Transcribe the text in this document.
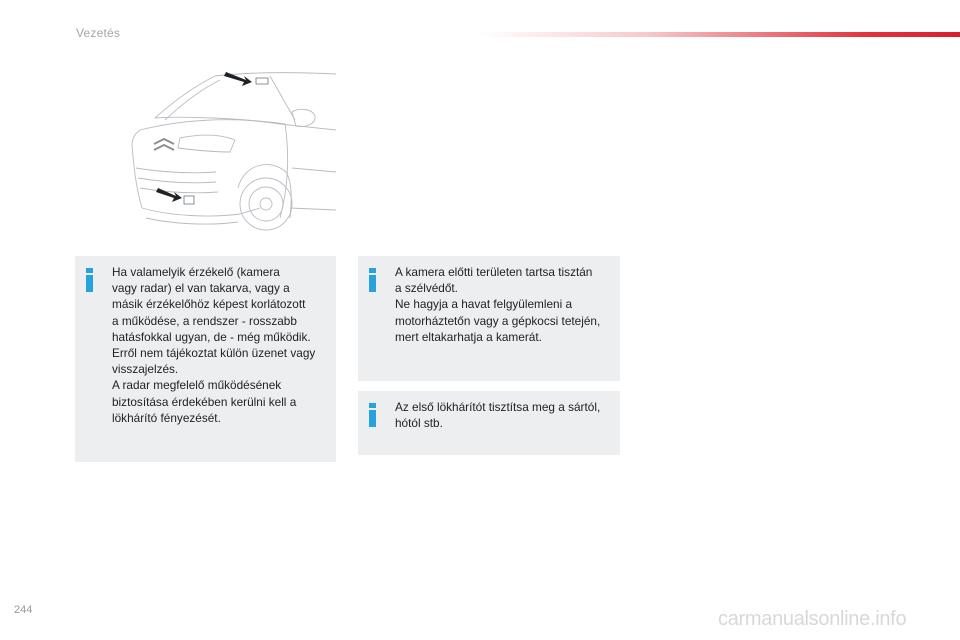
Vezetés
Ha valamelyik érzékelő (kamera
vagy radar) el van takarva, vagy a
másik érzékelőhöz képest korlátozott
a működése, a rendszer - rosszabb
hatásfokkal ugyan, de - még működik.
Erről nem tájékoztat külön üzenet vagy
visszajelzés.
A radar megfelelő működésének
biztosítása érdekében kerülni kell a
lökhárító fényezését.
A kamera előtti területen tartsa tisztán
a szélvédőt.
Ne hagyja a havat felgyülemleni a
motorháztetőn vagy a gépkocsi tetején,
mert eltakarhatja a kamerát.
Az első lökhárítót tisztítsa meg a sártól,
hótól stb.
244	carmanualsonline.info
